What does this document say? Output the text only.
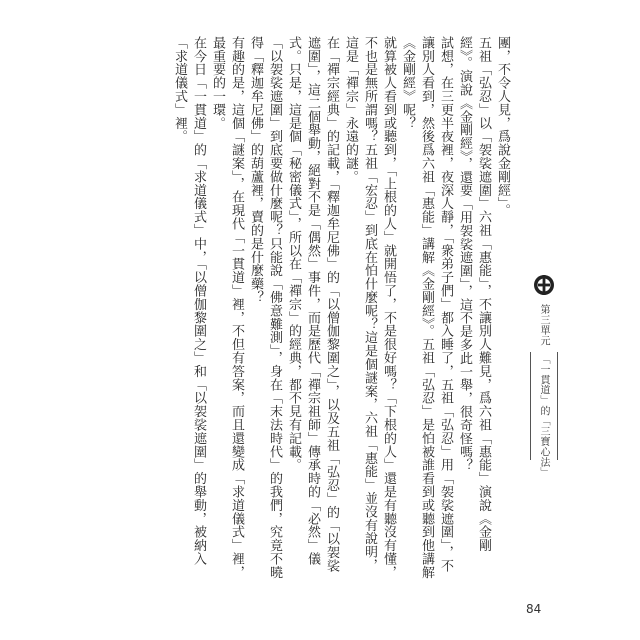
團，不令人見，爲說金剛經」。

五祖「弘忍」以「袈裟遮圍」六祖「惠能」，不讓別人難見，爲六祖「惠能」演說《金剛經》。演說《金剛經》，還要「用袈裟遮圍」，這不是多此一舉，很奇怪嗎？

試想，在三更半夜裡，夜深人靜，「衆弟子們」都入睡了，五祖「弘忍」用「袈裟遮圍」，不讓別人看到，然後爲六祖「惠能」講解《金剛經》。五祖「弘忍」是怕被誰看到或聽到他講解《金剛經》呢？

就算被人看到或聽到，「上根的人」就開悟了，不是很好嗎？「下根的人」還是有聽沒有懂，不也是無所謂嗎？五祖「宏忍」到底在怕什麼呢？這是個謎案，六祖「惠能」並沒有說明，這是「禪宗」永遠的謎。

在「禪宗經典」的記載，「釋迦牟尼佛」的「以僧伽黎圍之」，以及五祖「弘忍」的「以袈裟遮圍」，這二個舉動，絕對不是「偶然」事件，而是歷代「禪宗祖師」傳承時的「必然」儀式。只是，這是個「秘密儀式」，所以在「禪宗」的經典，都不見有記載。

「以袈裟遮圍」到底要做什麼呢？只能說「佛意難測」，身在「末法時代」的我們，究竟不曉得「釋迦牟尼佛」的葫蘆裡，賣的是什麼藥？

有趣的是，這個「謎案」，在現代「一貫道」裡，不但有答案，而且還變成「求道儀式」裡，最重要的一環。

在今日「一貫道」的「求道儀式」中，「以僧伽黎圍之」和「以袈裟遮圍」的舉動，被納入「求道儀式」裡。

第三單元
「一貫道」的「三寶心法」
84
